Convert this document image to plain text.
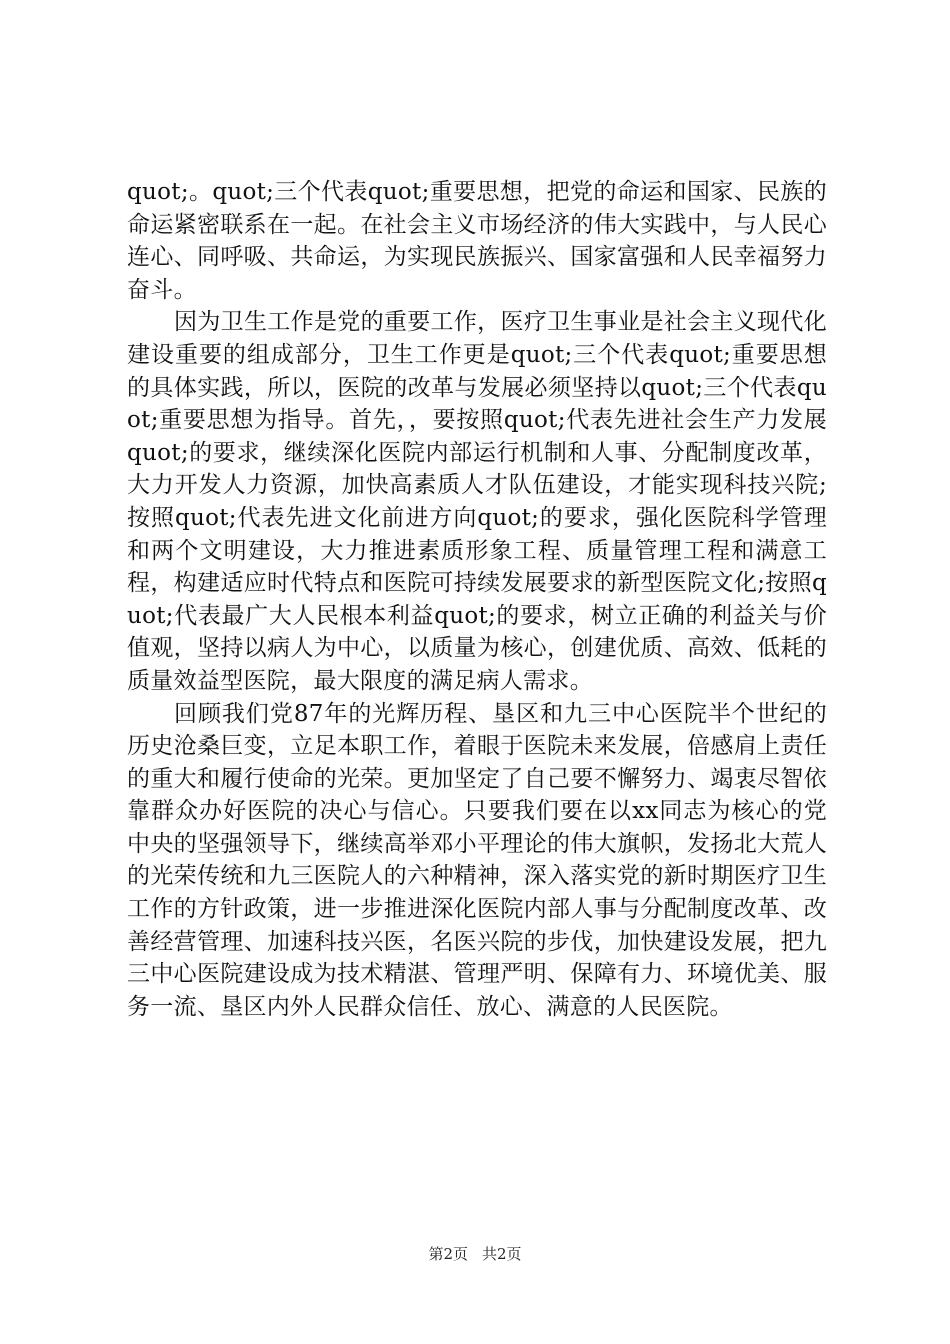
quot;。quot;三个代表quot;重要思想，把党的命运和国家、民族的命运紧密联系在一起。在社会主义市场经济的伟大实践中，与人民心连心、同呼吸、共命运，为实现民族振兴、国家富强和人民幸福努力奋斗。

因为卫生工作是党的重要工作，医疗卫生事业是社会主义现代化建设重要的组成部分，卫生工作更是quot;三个代表quot;重要思想的具体实践，所以，医院的改革与发展必须坚持以quot;三个代表quot;重要思想为指导。首先，，要按照quot;代表先进社会生产力发展quot;的要求，继续深化医院内部运行机制和人事、分配制度改革，大力开发人力资源，加快高素质人才队伍建设，才能实现科技兴院;按照quot;代表先进文化前进方向quot;的要求，强化医院科学管理和两个文明建设，大力推进素质形象工程、质量管理工程和满意工程，构建适应时代特点和医院可持续发展要求的新型医院文化;按照quot;代表最广大人民根本利益quot;的要求，树立正确的利益关与价值观，坚持以病人为中心，以质量为核心，创建优质、高效、低耗的质量效益型医院，最大限度的满足病人需求。

回顾我们党87年的光辉历程、垦区和九三中心医院半个世纪的历史沧桑巨变，立足本职工作，着眼于医院未来发展，倍感肩上责任的重大和履行使命的光荣。更加坚定了自己要不懈努力、竭衷尽智依靠群众办好医院的决心与信心。只要我们要在以xx同志为核心的党中央的坚强领导下，继续高举邓小平理论的伟大旗帜，发扬北大荒人的光荣传统和九三医院人的六种精神，深入落实党的新时期医疗卫生工作的方针政策，进一步推进深化医院内部人事与分配制度改革、改善经营管理、加速科技兴医，名医兴院的步伐，加快建设发展，把九三中心医院建设成为技术精湛、管理严明、保障有力、环境优美、服务一流、垦区内外人民群众信任、放心、满意的人民医院。

第2页 共2页
